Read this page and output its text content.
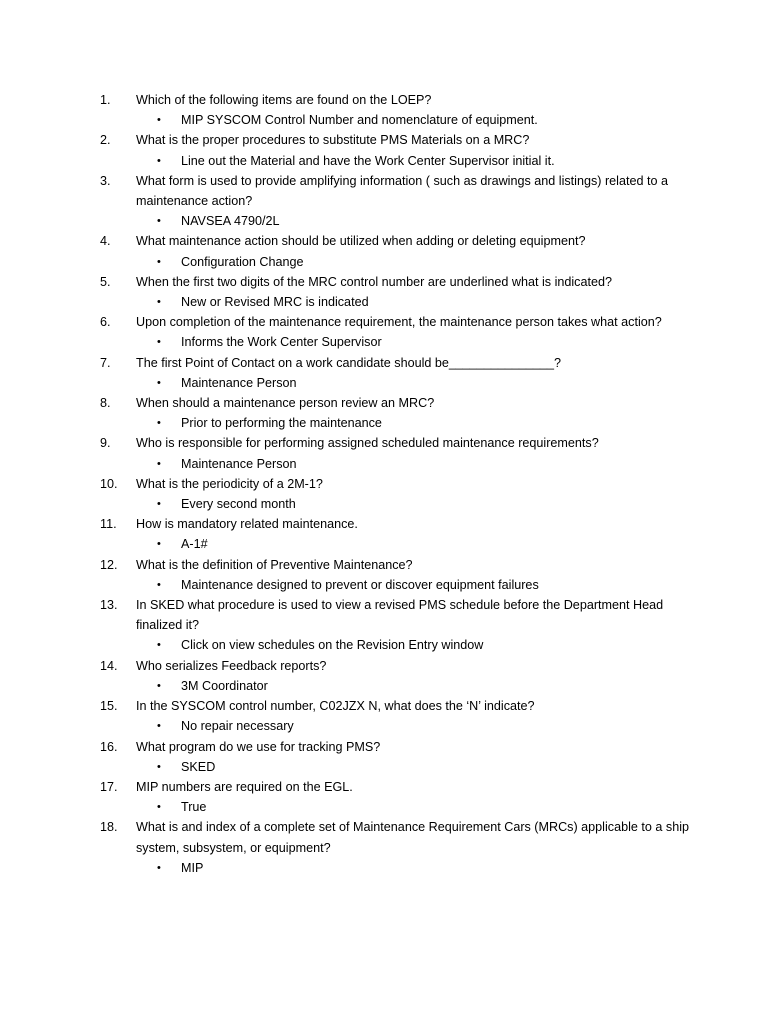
1.	Which of the following items are found on the LOEP?
•	MIP SYSCOM Control Number and nomenclature of equipment.
2.	What is the proper procedures to substitute PMS Materials on a MRC?
•	Line out the Material and have the Work Center Supervisor initial it.
3.	What form is used to provide amplifying information ( such as drawings and listings) related to a maintenance action?
•	NAVSEA 4790/2L
4.	What maintenance action should be utilized when adding or deleting equipment?
•	Configuration Change
5.	When the first two digits of the MRC control number are underlined what is indicated?
•	New or Revised MRC is indicated
6.	Upon completion of the maintenance requirement, the maintenance person takes what action?
•	Informs the Work Center Supervisor
7.	The first Point of Contact on a work candidate should be_______________?
•	Maintenance Person
8.	When should a maintenance person review an MRC?
•	Prior to performing the maintenance
9.	Who is responsible for performing assigned scheduled maintenance requirements?
•	Maintenance Person
10.	What is the periodicity of a 2M-1?
•	Every second month
11.	How is mandatory related maintenance.
•	A-1#
12.	What is the definition of Preventive Maintenance?
•	Maintenance designed to prevent or discover equipment failures
13.	In SKED what procedure is used to view a revised PMS schedule before the Department Head finalized it?
•	Click on view schedules on the Revision Entry window
14.	Who serializes Feedback reports?
•	3M Coordinator
15.	In the SYSCOM control number, C02JZX N, what does the ‘N’ indicate?
•	No repair necessary
16.	What program do we use for tracking PMS?
•	SKED
17.	MIP numbers are required on the EGL.
•	True
18.	What is and index of a complete set of Maintenance Requirement Cars (MRCs) applicable to a ship system, subsystem, or equipment?
•	MIP
